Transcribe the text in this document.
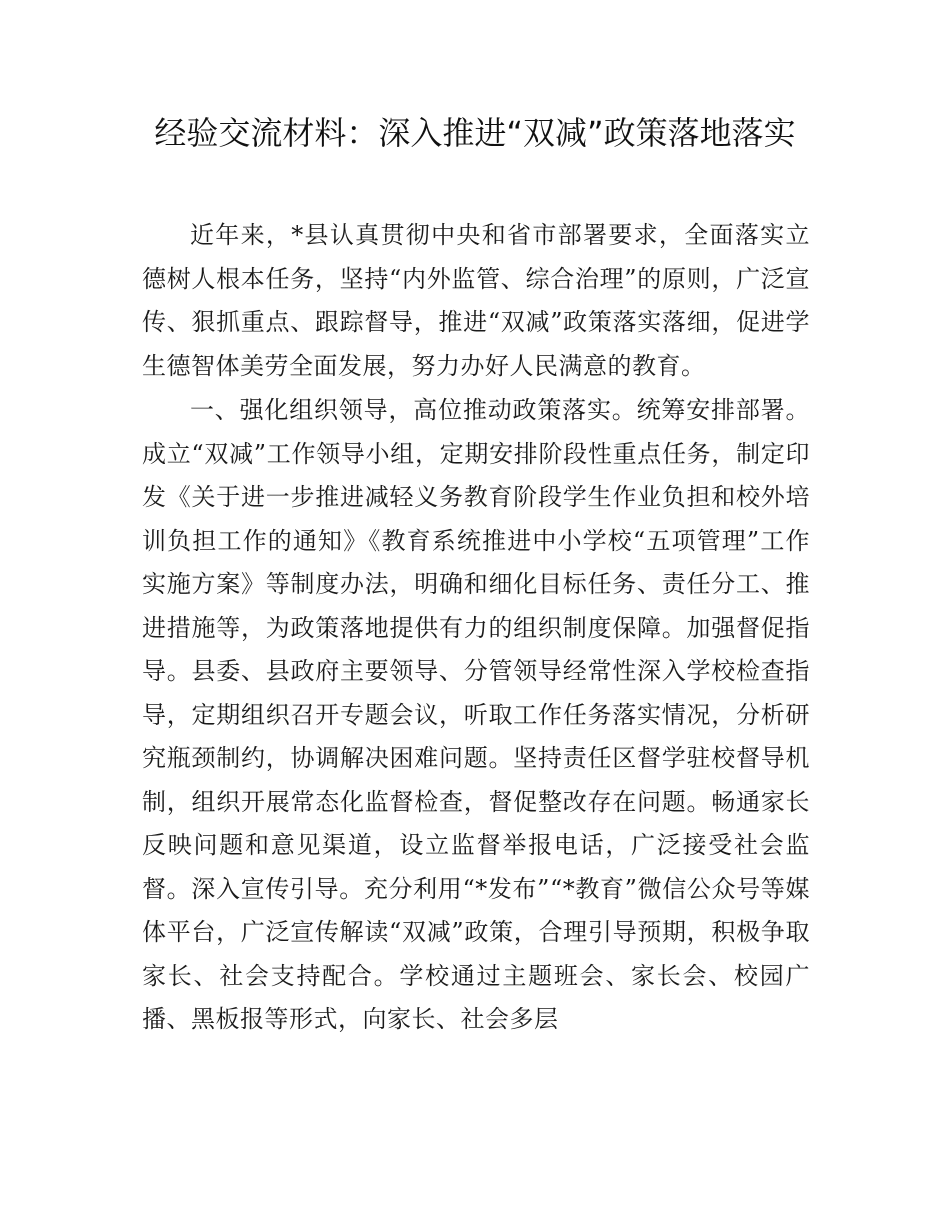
经验交流材料：深入推进“双减”政策落地落实

近年来，*县认真贯彻中央和省市部署要求，全面落实立德树人根本任务，坚持“内外监管、综合治理”的原则，广泛宣传、狠抓重点、跟踪督导，推进“双减”政策落实落细，促进学生德智体美劳全面发展，努力办好人民满意的教育。

一、强化组织领导，高位推动政策落实。统筹安排部署。成立“双减”工作领导小组，定期安排阶段性重点任务，制定印发《关于进一步推进减轻义务教育阶段学生作业负担和校外培训负担工作的通知》《教育系统推进中小学校“五项管理”工作实施方案》等制度办法，明确和细化目标任务、责任分工、推进措施等，为政策落地提供有力的组织制度保障。加强督促指导。县委、县政府主要领导、分管领导经常性深入学校检查指导，定期组织召开专题会议，听取工作任务落实情况，分析研究瓶颈制约，协调解决困难问题。坚持责任区督学驻校督导机制，组织开展常态化监督检查，督促整改存在问题。畅通家长反映问题和意见渠道，设立监督举报电话，广泛接受社会监督。深入宣传引导。充分利用“*发布”“*教育”微信公众号等媒体平台，广泛宣传解读“双减”政策，合理引导预期，积极争取家长、社会支持配合。学校通过主题班会、家长会、校园广播、黑板报等形式，向家长、社会多层
